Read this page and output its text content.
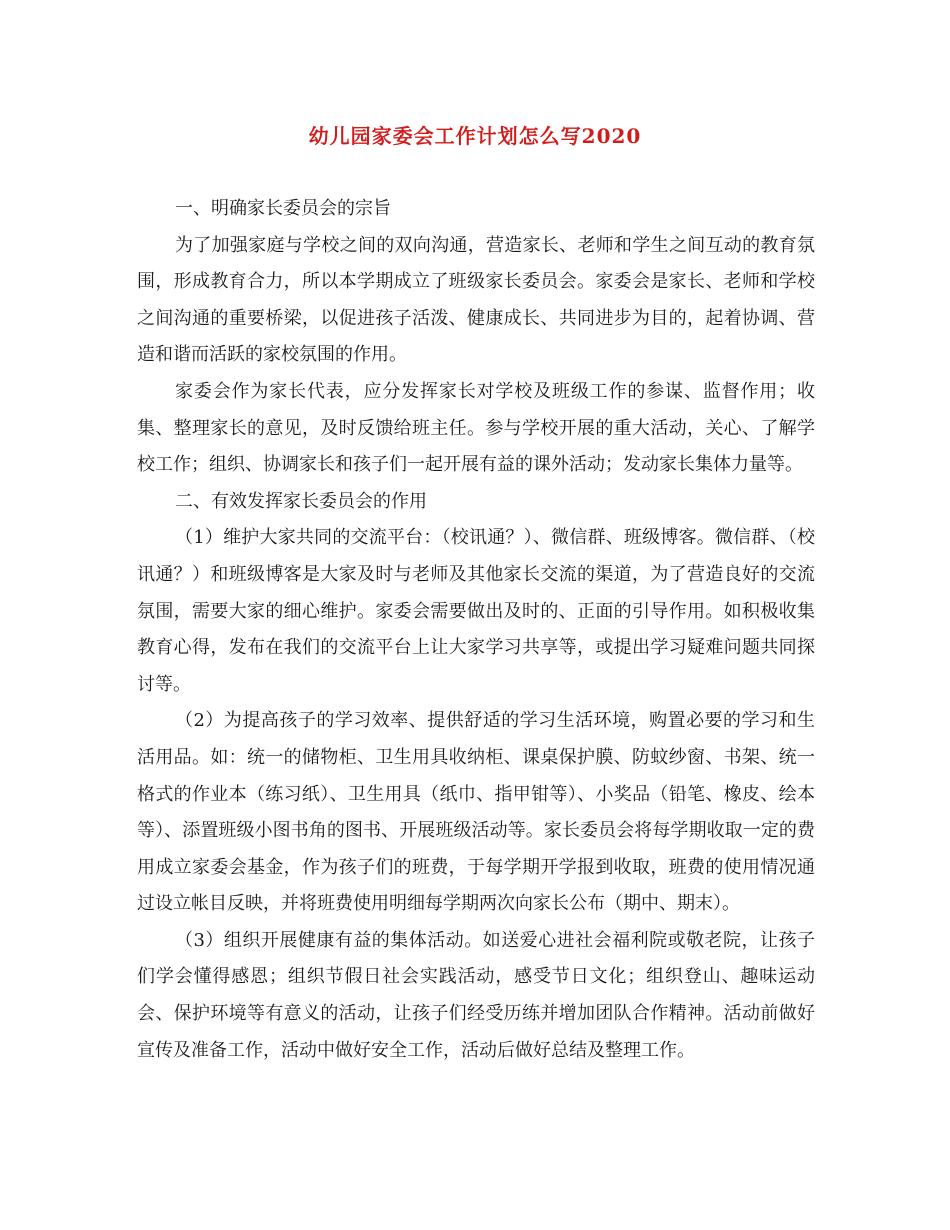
幼儿园家委会工作计划怎么写2020

一、明确家长委员会的宗旨

为了加强家庭与学校之间的双向沟通，营造家长、老师和学生之间互动的教育氛围，形成教育合力，所以本学期成立了班级家长委员会。家委会是家长、老师和学校之间沟通的重要桥梁，以促进孩子活泼、健康成长、共同进步为目的，起着协调、营造和谐而活跃的家校氛围的作用。

家委会作为家长代表，应分发挥家长对学校及班级工作的参谋、监督作用；收集、整理家长的意见，及时反馈给班主任。参与学校开展的重大活动，关心、了解学校工作；组织、协调家长和孩子们一起开展有益的课外活动；发动家长集体力量等。

二、有效发挥家长委员会的作用

（1）维护大家共同的交流平台：（校讯通？）、微信群、班级博客。微信群、（校讯通？）和班级博客是大家及时与老师及其他家长交流的渠道，为了营造良好的交流氛围，需要大家的细心维护。家委会需要做出及时的、正面的引导作用。如积极收集教育心得，发布在我们的交流平台上让大家学习共享等，或提出学习疑难问题共同探讨等。

（2）为提高孩子的学习效率、提供舒适的学习生活环境，购置必要的学习和生活用品。如：统一的储物柜、卫生用具收纳柜、课桌保护膜、防蚊纱窗、书架、统一格式的作业本（练习纸）、卫生用具（纸巾、指甲钳等）、小奖品（铅笔、橡皮、绘本等）、添置班级小图书角的图书、开展班级活动等。家长委员会将每学期收取一定的费用成立家委会基金，作为孩子们的班费，于每学期开学报到收取，班费的使用情况通过设立帐目反映，并将班费使用明细每学期两次向家长公布（期中、期末）。

（3）组织开展健康有益的集体活动。如送爱心进社会福利院或敬老院，让孩子们学会懂得感恩；组织节假日社会实践活动，感受节日文化；组织登山、趣味运动会、保护环境等有意义的活动，让孩子们经受历练并增加团队合作精神。活动前做好宣传及准备工作，活动中做好安全工作，活动后做好总结及整理工作。
